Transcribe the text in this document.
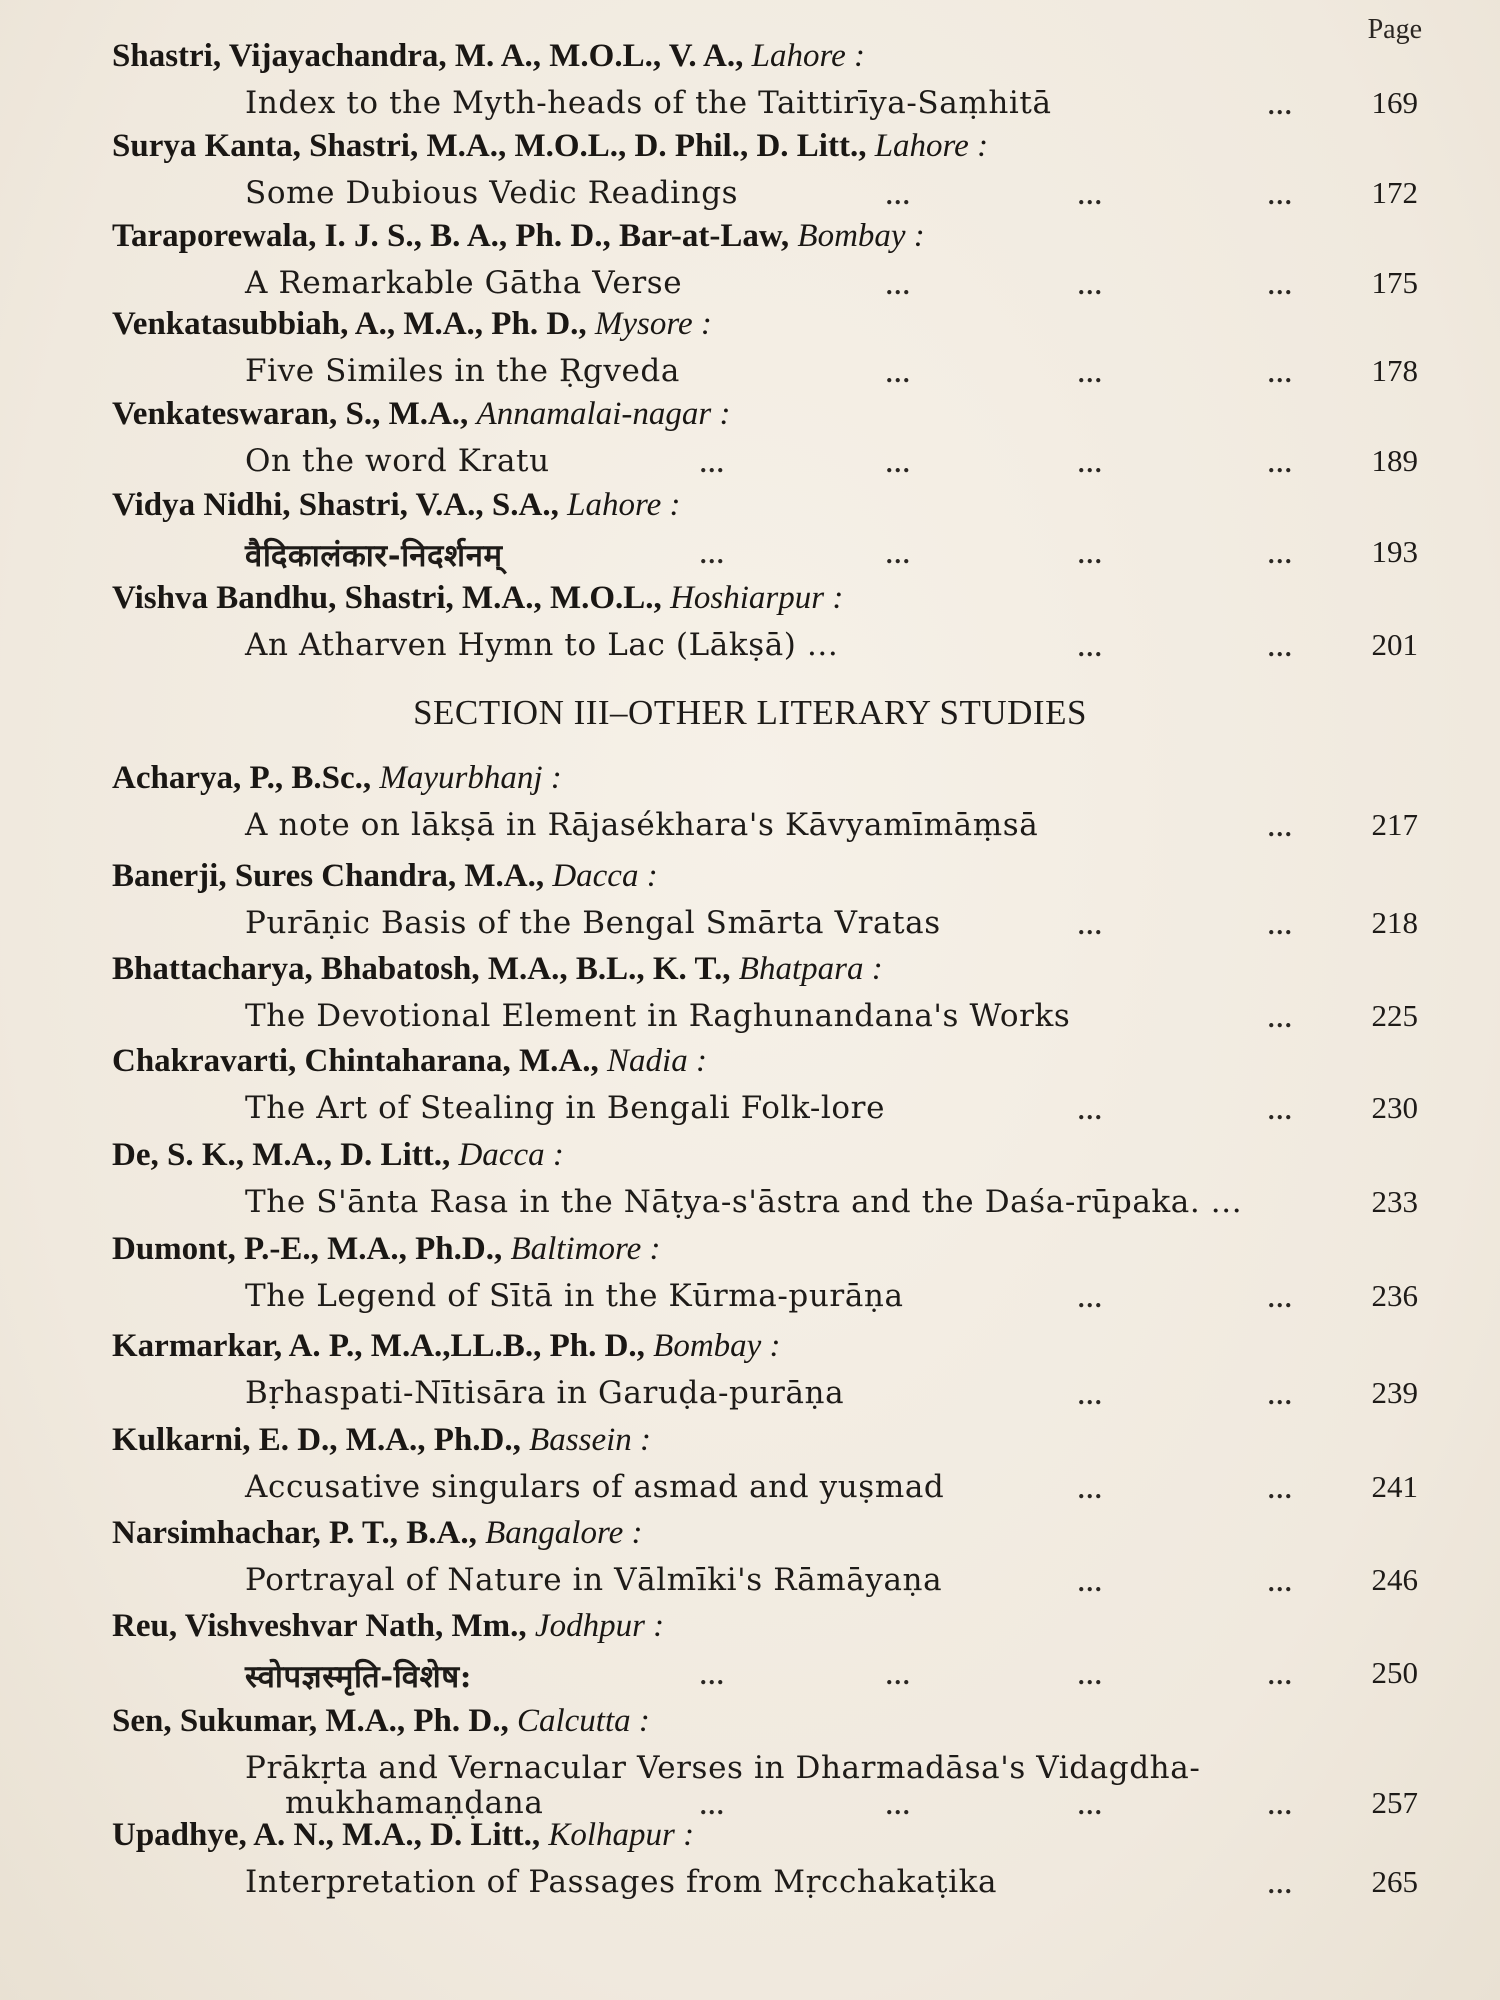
Page
Shastri, Vijayachandra, M. A., M.O.L., V. A., Lahore :
Index to the Myth-heads of the Taittirīya-Saṃhitā	...	169
Surya Kanta, Shastri, M.A., M.O.L., D. Phil., D. Litt., Lahore :
Some Dubious Vedic Readings	...	...	...	172
Taraporewala, I. J. S., B. A., Ph. D., Bar-at-Law, Bombay :
A Remarkable Gātha Verse	...	...	...	175
Venkatasubbiah, A., M.A., Ph. D., Mysore :
Five Similes in the Ṛgveda	...	...	...	178
Venkateswaran, S., M.A., Annamalai-nagar :
On the word Kratu	...	...	...	...	189
Vidya Nidhi, Shastri, V.A., S.A., Lahore :
वैदिकालंकार-निदर्शनम्	...	...	...	...	193
Vishva Bandhu, Shastri, M.A., M.O.L., Hoshiarpur :
An Atharven Hymn to Lac (Lākṣā) ...	...	...	201
Acharya, P., B.Sc., Mayurbhanj :
A note on lākṣā in Rājasékhara's Kāvyamīmāṃsā	...	217
Banerji, Sures Chandra, M.A., Dacca :
Purāṇic Basis of the Bengal Smārta Vratas	...	...	218
Bhattacharya, Bhabatosh, M.A., B.L., K. T., Bhatpara :
The Devotional Element in Raghunandana's Works	...	225
Chakravarti, Chintaharana, M.A., Nadia :
The Art of Stealing in Bengali Folk-lore	...	...	230
De, S. K., M.A., D. Litt., Dacca :
The S'ānta Rasa in the Nāṭya-s'āstra and the Daśa-rūpaka. ...	233
Dumont, P.-E., M.A., Ph.D., Baltimore :
The Legend of Sītā in the Kūrma-purāṇa	...	...	236
Karmarkar, A. P., M.A.,LL.B., Ph. D., Bombay :
Bṛhaspati-Nītisāra in Garuḍa-purāṇa	...	...	239
Kulkarni, E. D., M.A., Ph.D., Bassein :
Accusative singulars of asmad and yuṣmad	...	...	241
Narsimhachar, P. T., B.A., Bangalore :
Portrayal of Nature in Vālmīki's Rāmāyaṇa	...	...	246
Reu, Vishveshvar Nath, Mm., Jodhpur :
स्वोपज्ञस्मृति-विशेष:	...	...	...	...	250
Sen, Sukumar, M.A., Ph. D., Calcutta :
Prākṛta and Vernacular Verses in Dharmadāsa's Vidagdha-
mukhamaṇḍana	...	...	...	...	257
Upadhye, A. N., M.A., D. Litt., Kolhapur :
Interpretation of Passages from Mṛcchakaṭika	...	265
SECTION III–OTHER LITERARY STUDIES
